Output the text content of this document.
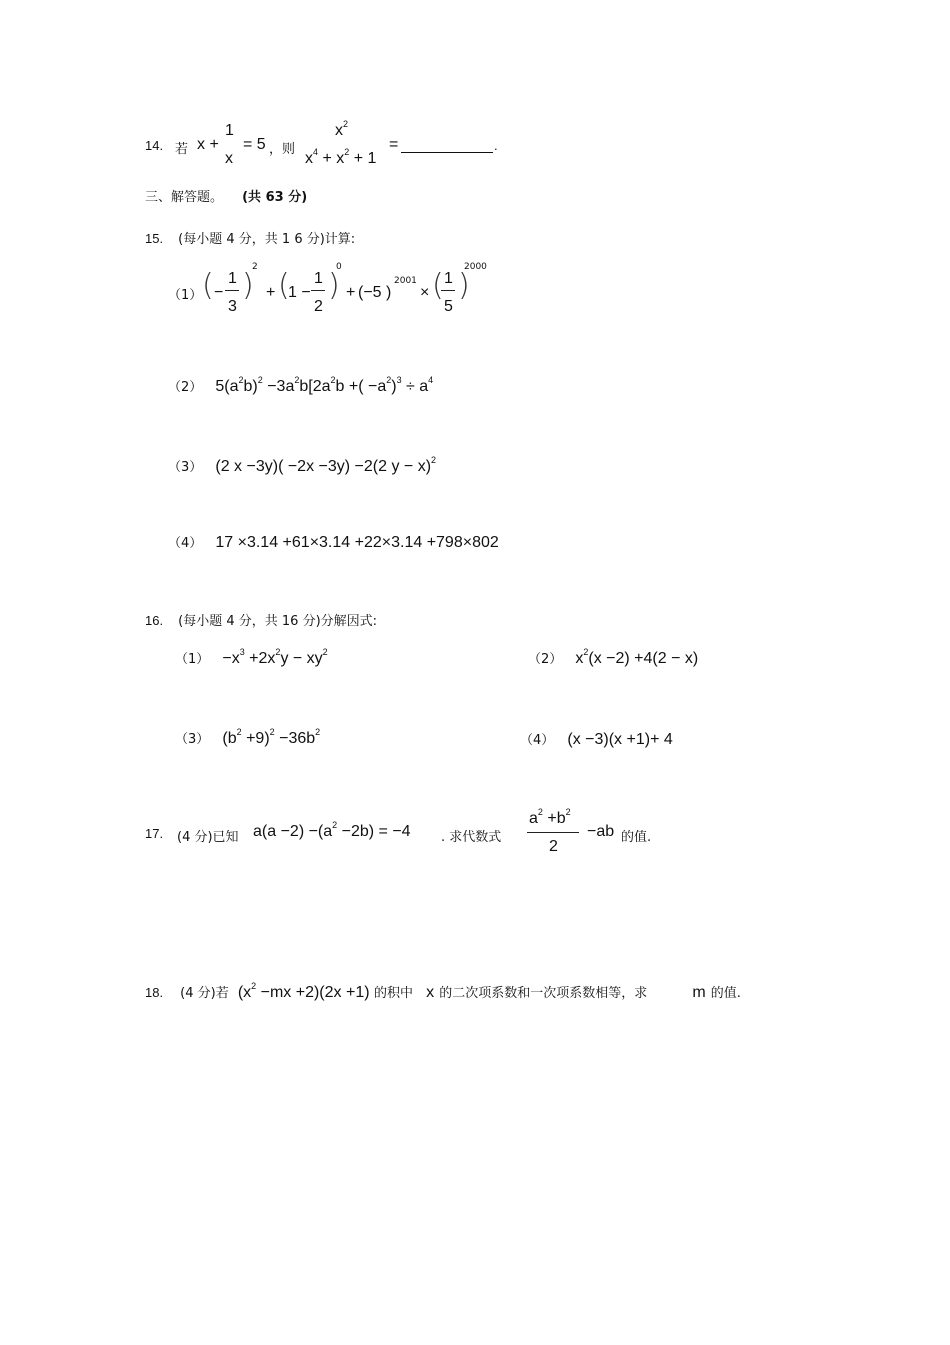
14. 若 x +
1
x
= 5 ，则
$x^2$
$x^4 + x^2 + 1$
=	.
三、解答题。 (共 63 分)
15. (每小题 4 分，共 1 6 分)计算:
（1） ( −
1
3
)
2
+ (
1 −
1
2
)
0
+ (−5 )
2001
× ( 1
5
)
2000
（2） $5(a^2b)^2 -3a^2b[2a^2b$ +( $-a^2)^3 \div a^4$
（3） (2 x −3y)( −2x −3y) −2(2 y − x)$^2$
（4） 17 ×3.14 +61×3.14 +22×3.14 +798×802
16. (每小题 4 分，共 16 分)分解因式:
$(1) -x^3 +2x^2y - xy^2$	（2） $x^2(x -2) +4(2 - x)$
（3） $(b^2 +9)^2 -36b^2$
（4） (x −3)(x +1)+ 4
17. (4 分)已知 $a(a -2) -(a^2 -2b) = -4$ . 求代数式
$a^2 +b^2$
2
−ab 的值.
18. (4 分)若 $(x^2 -mx +2)(2x +1)$ 的积中 x 的二次项系数和一次项系数相等，求	m 的值.
